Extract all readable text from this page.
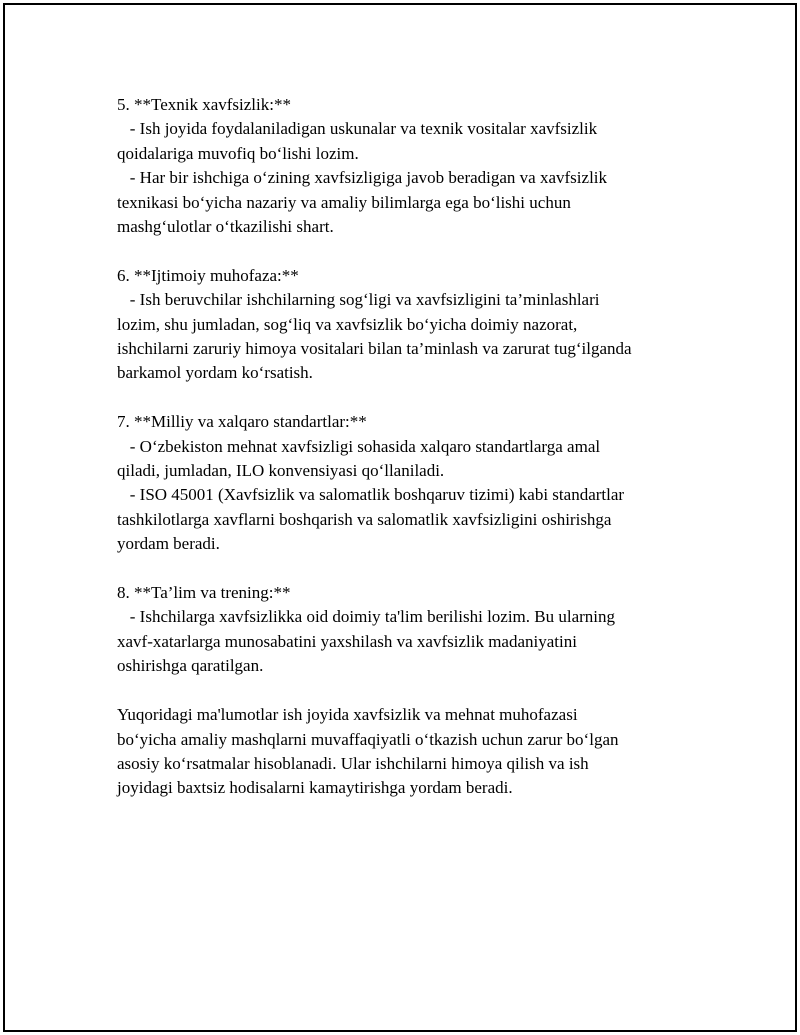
5. **Texnik xavfsizlik:**
- Ish joyida foydalaniladigan uskunalar va texnik vositalar xavfsizlik
qoidalariga muvofiq bo‘lishi lozim.
- Har bir ishchiga o‘zining xavfsizligiga javob beradigan va xavfsizlik
texnikasi bo‘yicha nazariy va amaliy bilimlarga ega bo‘lishi uchun
mashg‘ulotlar o‘tkazilishi shart.
6. **Ijtimoiy muhofaza:**
- Ish beruvchilar ishchilarning sog‘ligi va xavfsizligini ta’minlashlari
lozim, shu jumladan, sog‘liq va xavfsizlik bo‘yicha doimiy nazorat,
ishchilarni zaruriy himoya vositalari bilan ta’minlash va zarurat tug‘ilganda
barkamol yordam ko‘rsatish.
7. **Milliy va xalqaro standartlar:**
- O‘zbekiston mehnat xavfsizligi sohasida xalqaro standartlarga amal
qiladi, jumladan, ILO konvensiyasi qo‘llaniladi.
- ISO 45001 (Xavfsizlik va salomatlik boshqaruv tizimi) kabi standartlar
tashkilotlarga xavflarni boshqarish va salomatlik xavfsizligini oshirishga
yordam beradi.
8. **Ta’lim va trening:**
- Ishchilarga xavfsizlikka oid doimiy ta'lim berilishi lozim. Bu ularning
xavf-xatarlarga munosabatini yaxshilash va xavfsizlik madaniyatini
oshirishga qaratilgan.
Yuqoridagi ma'lumotlar ish joyida xavfsizlik va mehnat muhofazasi
bo‘yicha amaliy mashqlarni muvaffaqiyatli o‘tkazish uchun zarur bo‘lgan
asosiy ko‘rsatmalar hisoblanadi. Ular ishchilarni himoya qilish va ish
joyidagi baxtsiz hodisalarni kamaytirishga yordam beradi.
